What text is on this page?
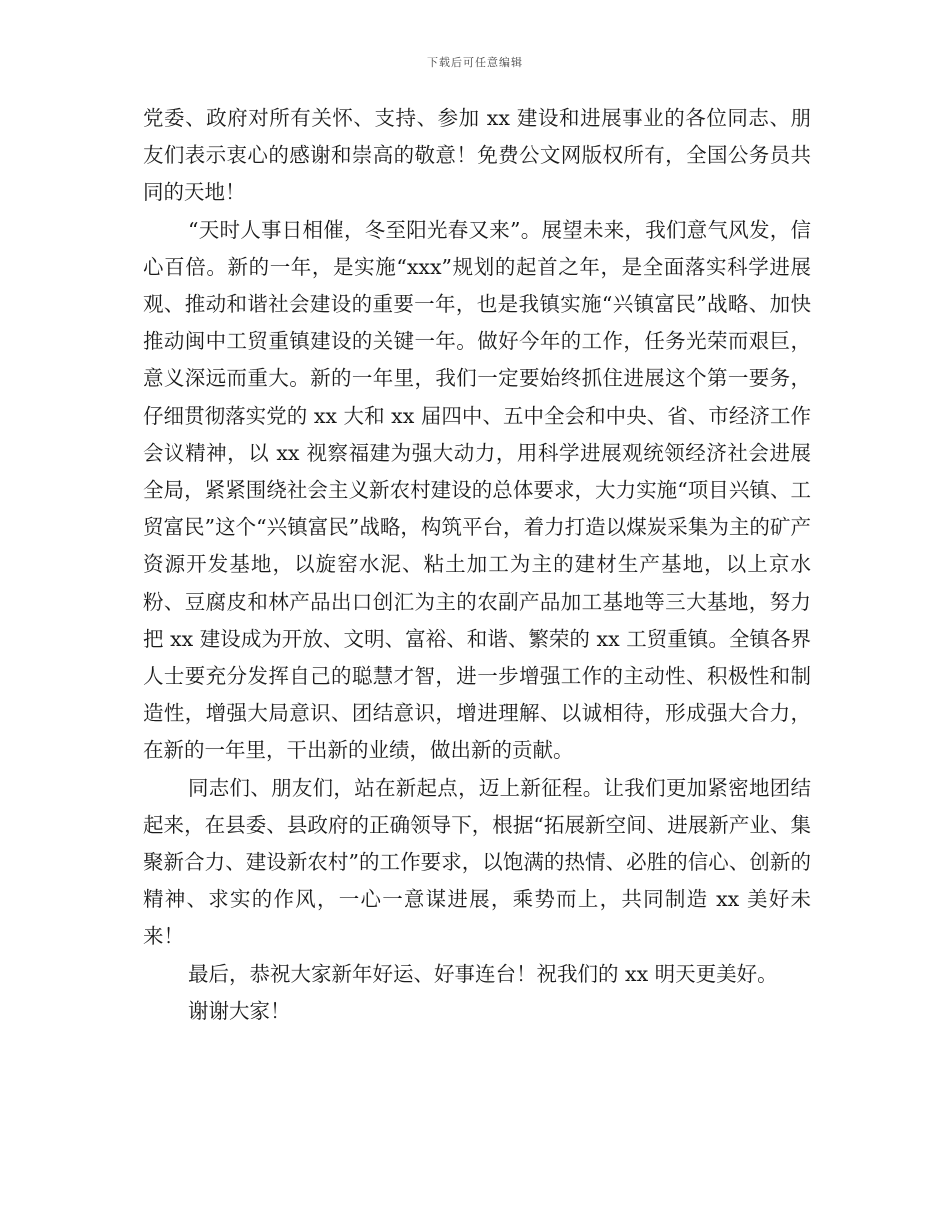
下载后可任意编辑

党委、政府对所有关怀、支持、参加 xx 建设和进展事业的各位同志、朋友们表示衷心的感谢和崇高的敬意！免费公文网版权所有，全国公务员共同的天地！

“天时人事日相催，冬至阳光春又来”。展望未来，我们意气风发，信心百倍。新的一年，是实施“xxx”规划的起首之年，是全面落实科学进展观、推动和谐社会建设的重要一年，也是我镇实施“兴镇富民”战略、加快推动闽中工贸重镇建设的关键一年。做好今年的工作，任务光荣而艰巨，意义深远而重大。新的一年里，我们一定要始终抓住进展这个第一要务，仔细贯彻落实党的 xx 大和 xx 届四中、五中全会和中央、省、市经济工作会议精神，以 xx 视察福建为强大动力，用科学进展观统领经济社会进展全局，紧紧围绕社会主义新农村建设的总体要求，大力实施“项目兴镇、工贸富民”这个“兴镇富民”战略，构筑平台，着力打造以煤炭采集为主的矿产资源开发基地，以旋窑水泥、粘土加工为主的建材生产基地，以上京水粉、豆腐皮和林产品出口创汇为主的农副产品加工基地等三大基地，努力把 xx 建设成为开放、文明、富裕、和谐、繁荣的 xx 工贸重镇。全镇各界人士要充分发挥自己的聪慧才智，进一步增强工作的主动性、积极性和制造性，增强大局意识、团结意识，增进理解、以诚相待，形成强大合力，在新的一年里，干出新的业绩，做出新的贡献。

同志们、朋友们，站在新起点，迈上新征程。让我们更加紧密地团结起来，在县委、县政府的正确领导下，根据“拓展新空间、进展新产业、集聚新合力、建设新农村”的工作要求，以饱满的热情、必胜的信心、创新的精神、求实的作风，一心一意谋进展，乘势而上，共同制造 xx 美好未来！

最后，恭祝大家新年好运、好事连台！祝我们的 xx 明天更美好。

谢谢大家！
